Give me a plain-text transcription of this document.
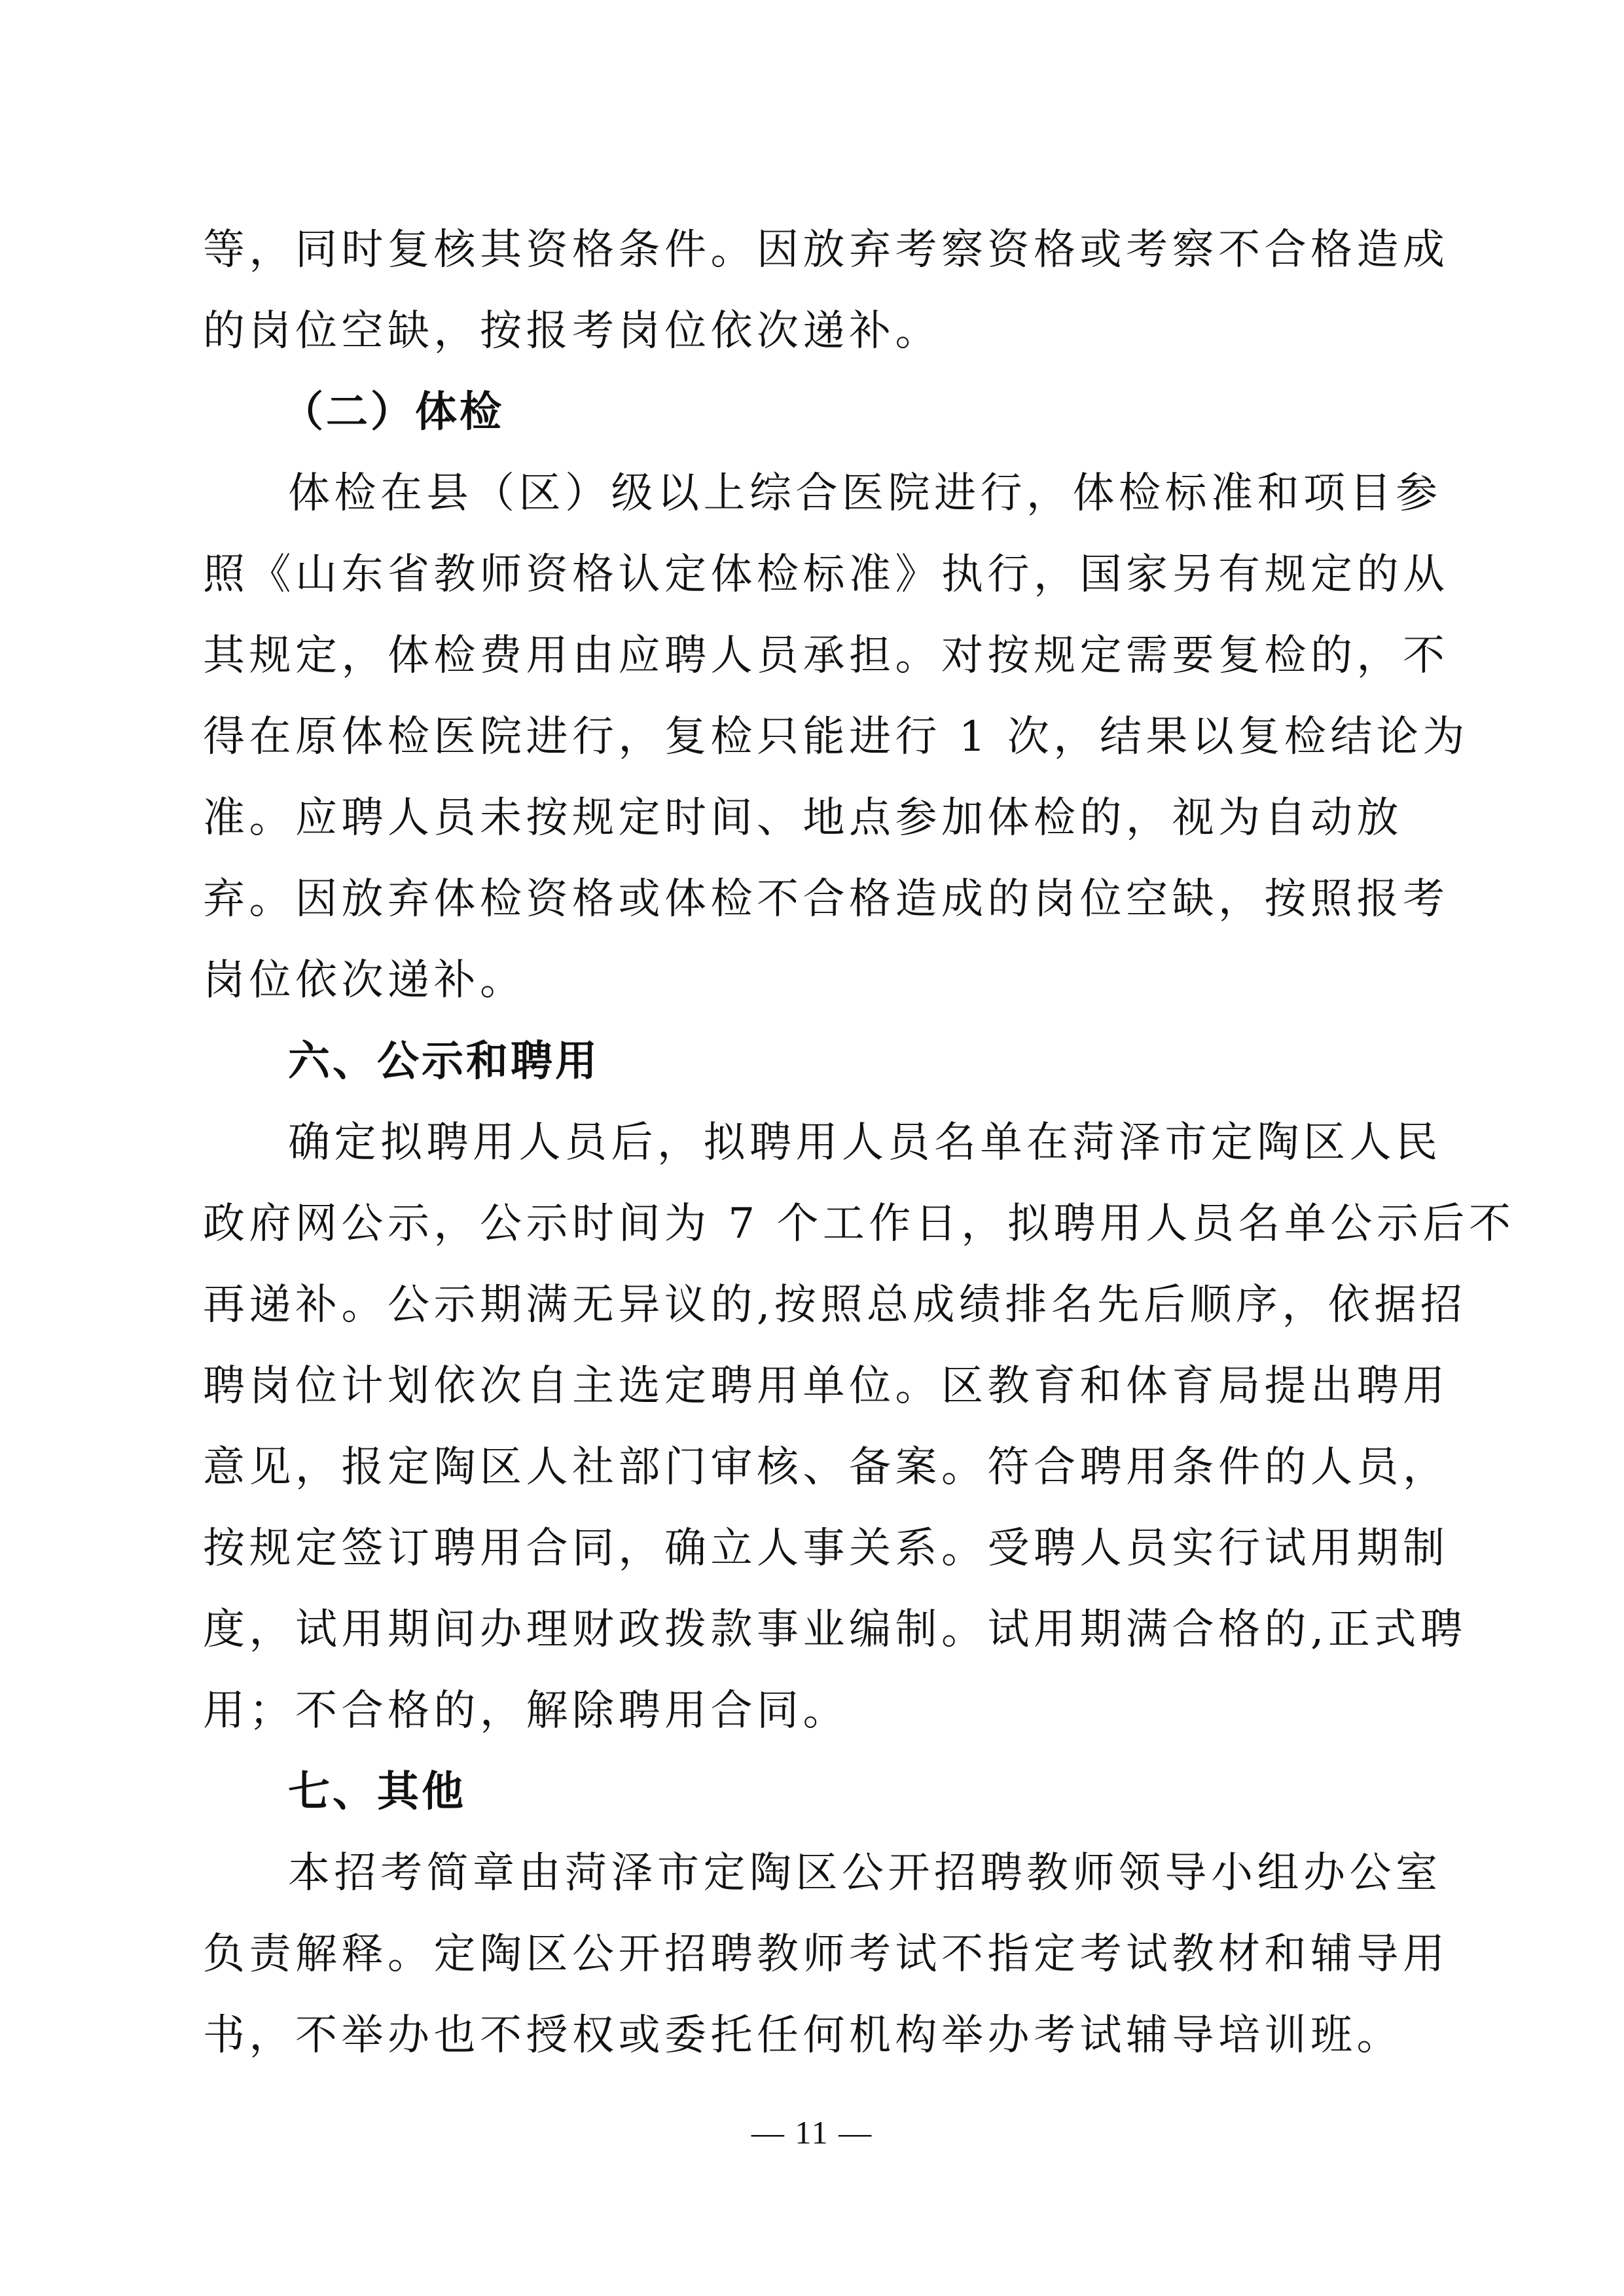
等，同时复核其资格条件。因放弃考察资格或考察不合格造成
的岗位空缺，按报考岗位依次递补。
（二）体检
体检在县（区）级以上综合医院进行，体检标准和项目参
照《山东省教师资格认定体检标准》执行，国家另有规定的从
其规定，体检费用由应聘人员承担。对按规定需要复检的，不
得在原体检医院进行，复检只能进行 1 次，结果以复检结论为
准。应聘人员未按规定时间、地点参加体检的，视为自动放
弃。因放弃体检资格或体检不合格造成的岗位空缺，按照报考
岗位依次递补。
六、公示和聘用
确定拟聘用人员后，拟聘用人员名单在菏泽市定陶区人民
政府网公示，公示时间为 7 个工作日，拟聘用人员名单公示后不
再递补。公示期满无异议的,按照总成绩排名先后顺序，依据招
聘岗位计划依次自主选定聘用单位。区教育和体育局提出聘用
意见，报定陶区人社部门审核、备案。符合聘用条件的人员，
按规定签订聘用合同，确立人事关系。受聘人员实行试用期制
度，试用期间办理财政拨款事业编制。试用期满合格的,正式聘
用；不合格的，解除聘用合同。
七、其他
本招考简章由菏泽市定陶区公开招聘教师领导小组办公室
负责解释。定陶区公开招聘教师考试不指定考试教材和辅导用
书，不举办也不授权或委托任何机构举办考试辅导培训班。
— 11 —
